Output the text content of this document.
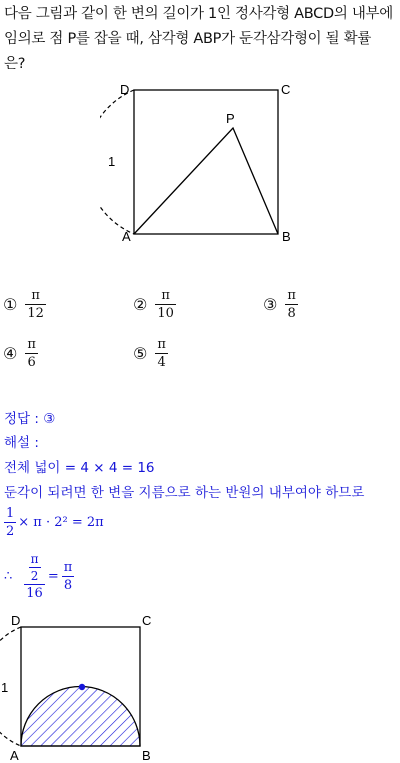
다음 그림과 같이 한 변의 길이가 1인 정사각형 ABCD의 내부에
임의로 점 P를 잡을 때, 삼각형 ABP가 둔각삼각형이 될 확률
은?
D	C
P
A	B
1
① $\frac{\pi}{12}$	② $\frac{\pi}{10}$	③ $\frac{\pi}{8}$
④ $\frac{\pi}{6}$	⑤ $\frac{\pi}{4}$
정답 : ③
해설 :
전체 넓이 = 4 × 4 = 16
둔각이 되려면 한 변을 지름으로 하는 반원의 내부여야 하므로
$\frac{1}{2} \times \pi \cdot 2^2 = 2\pi$
∴ $\frac{\frac{\pi}{2}}{16} = \frac{\pi}{8}$
D	C
A	B
1
